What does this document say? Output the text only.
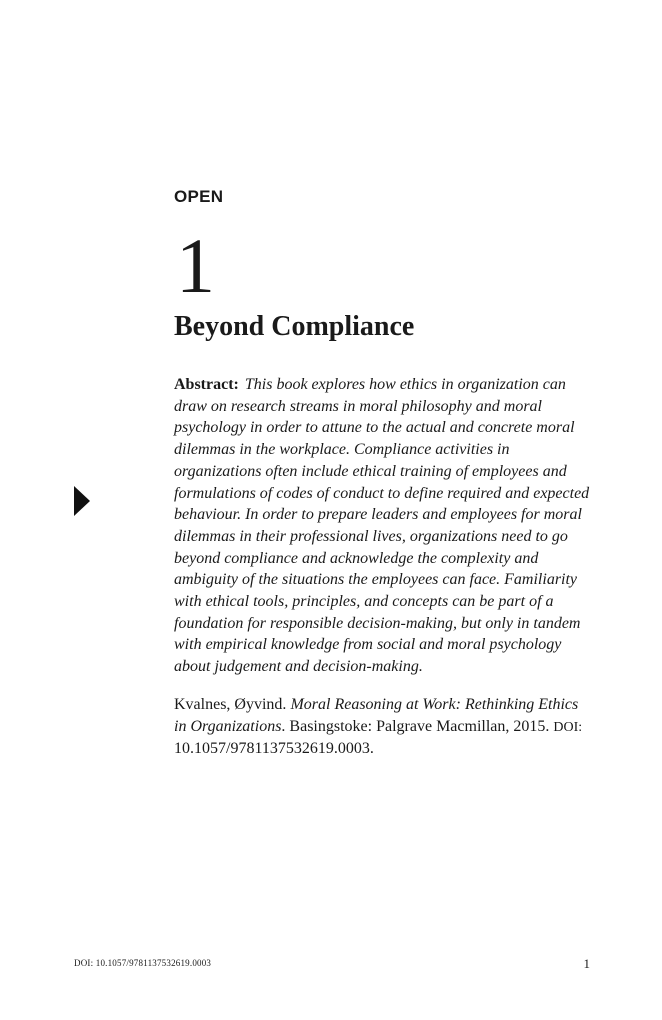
OPEN
1
Beyond Compliance

Abstract: This book explores how ethics in organization can draw on research streams in moral philosophy and moral psychology in order to attune to the actual and concrete moral dilemmas in the workplace. Compliance activities in organizations often include ethical training of employees and formulations of codes of conduct to define required and expected behaviour. In order to prepare leaders and employees for moral dilemmas in their professional lives, organizations need to go beyond compliance and acknowledge the complexity and ambiguity of the situations the employees can face. Familiarity with ethical tools, principles, and concepts can be part of a foundation for responsible decision-making, but only in tandem with empirical knowledge from social and moral psychology about judgement and decision-making.

Kvalnes, Øyvind. Moral Reasoning at Work: Rethinking Ethics in Organizations. Basingstoke: Palgrave Macmillan, 2015. DOI: 10.1057/9781137532619.0003.

DOI: 10.1057/9781137532619.0003	1
